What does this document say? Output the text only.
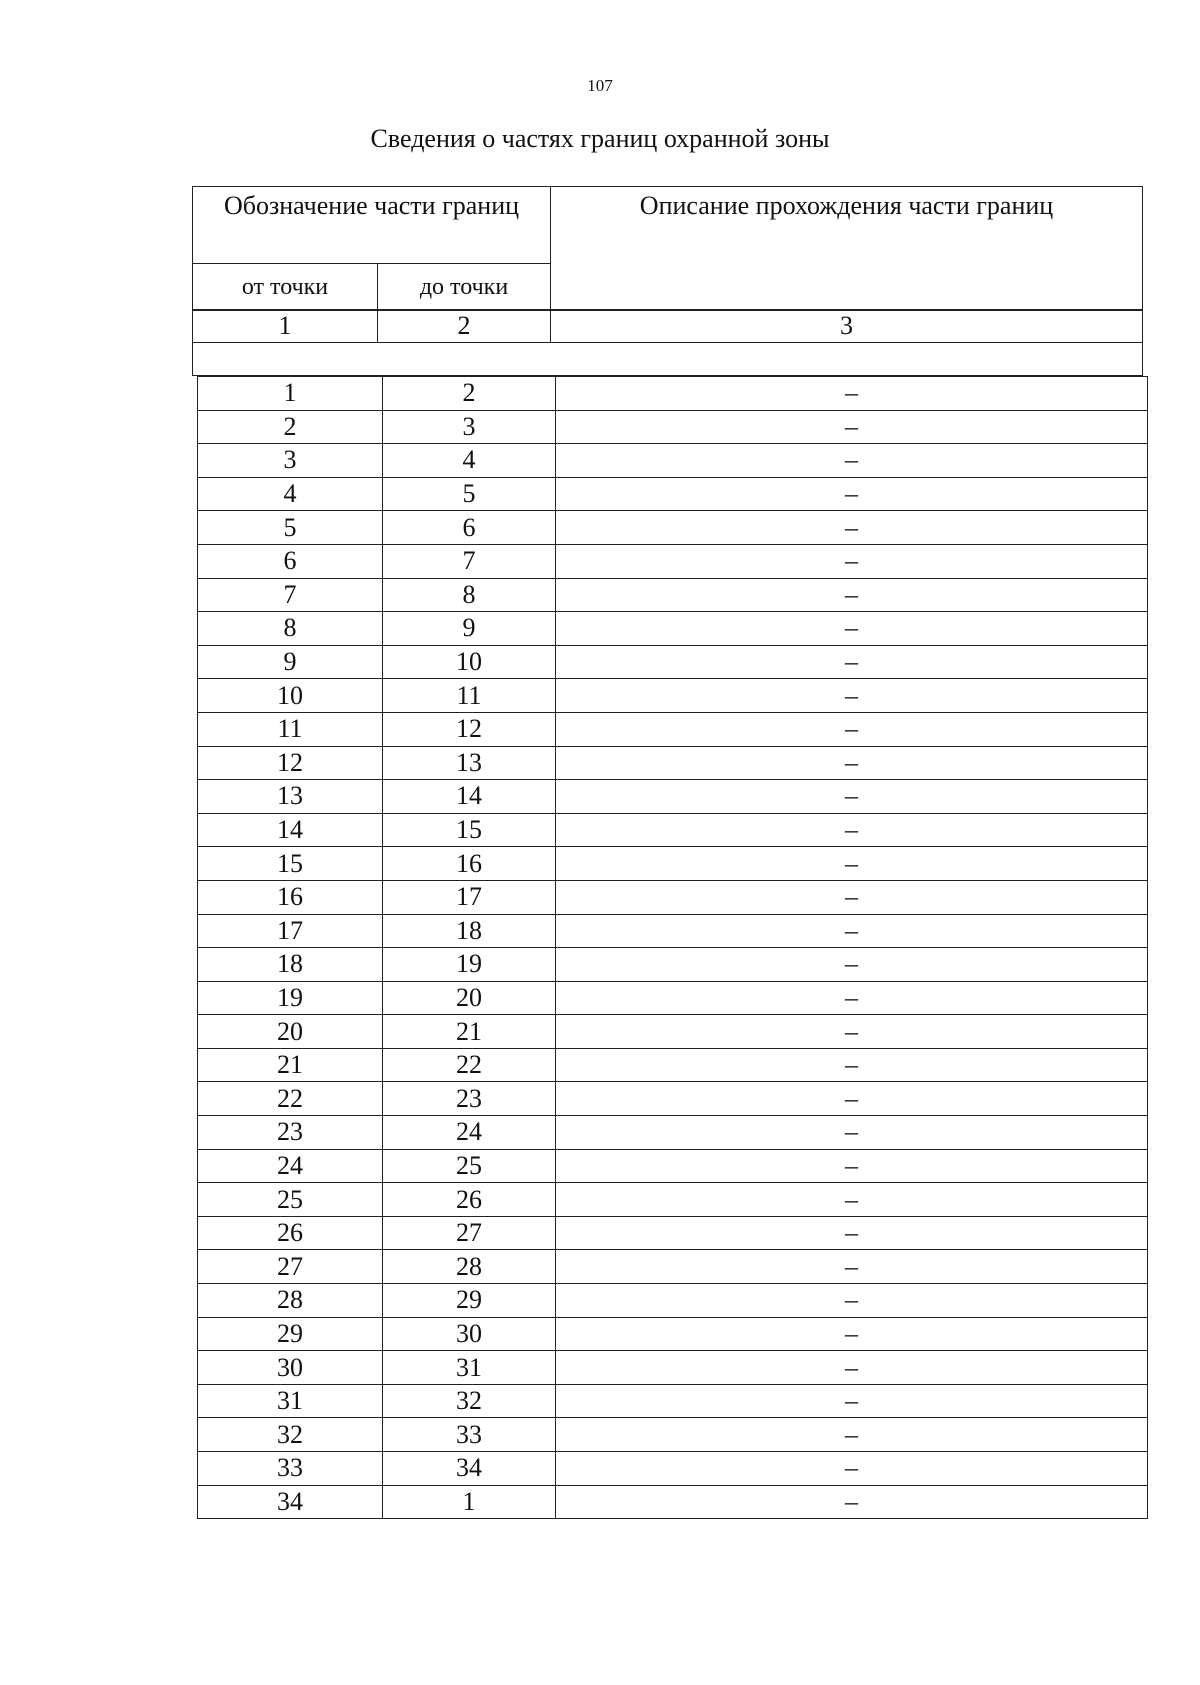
107
Сведения о частях границ охранной зоны
Обозначение части границ		Описание прохождения части границ
от точки	до точки	
1	2	3

1	2	–
2	3	–
3	4	–
4	5	–
5	6	–
6	7	–
7	8	–
8	9	–
9	10	–
10	11	–
11	12	–
12	13	–
13	14	–
14	15	–
15	16	–
16	17	–
17	18	–
18	19	–
19	20	–
20	21	–
21	22	–
22	23	–
23	24	–
24	25	–
25	26	–
26	27	–
27	28	–
28	29	–
29	30	–
30	31	–
31	32	–
32	33	–
33	34	–
34	1	–
